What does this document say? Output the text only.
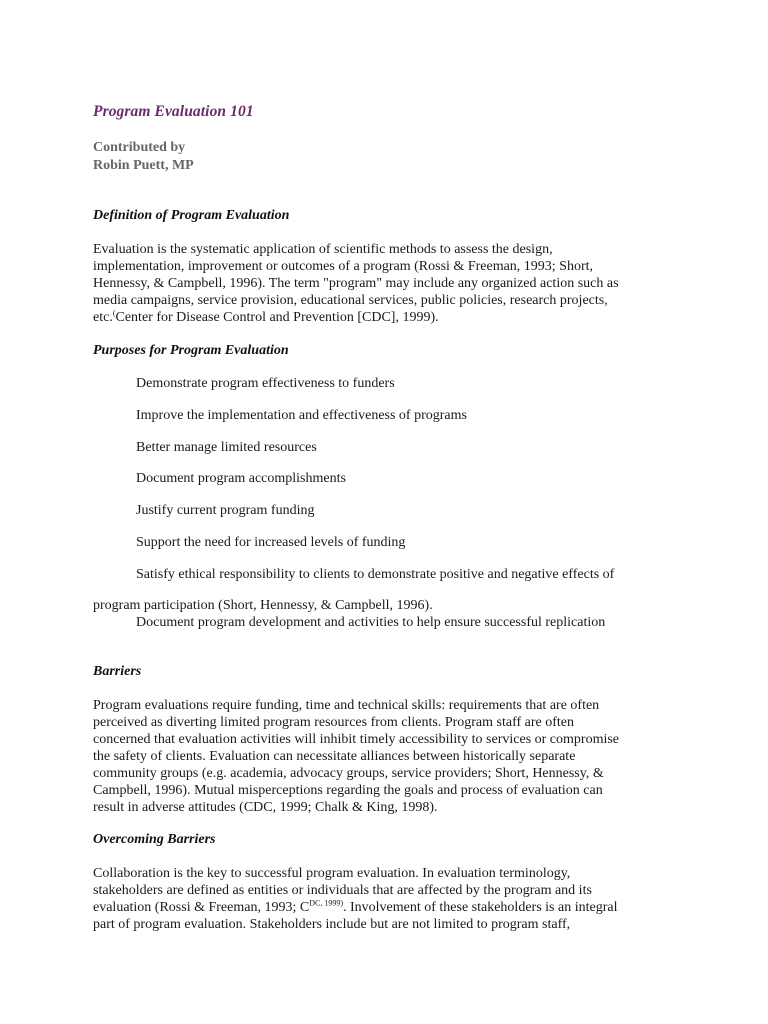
Program Evaluation 101
Contributed by
Robin Puett, MP
Definition of Program Evaluation
Evaluation is the systematic application of scientific methods to assess the design,
implementation, improvement or outcomes of a program (Rossi & Freeman, 1993; Short,
Hennessy, & Campbell, 1996). The term "program" may include any organized action such as
media campaigns, service provision, educational services, public policies, research projects,
etc.(Center for Disease Control and Prevention [CDC], 1999).
Purposes for Program Evaluation
Demonstrate program effectiveness to funders
Improve the implementation and effectiveness of programs
Better manage limited resources
Document program accomplishments
Justify current program funding
Support the need for increased levels of funding
Satisfy ethical responsibility to clients to demonstrate positive and negative effects of
program participation (Short, Hennessy, & Campbell, 1996).
Document program development and activities to help ensure successful replication
Barriers
Program evaluations require funding, time and technical skills: requirements that are often
perceived as diverting limited program resources from clients. Program staff are often
concerned that evaluation activities will inhibit timely accessibility to services or compromise
the safety of clients. Evaluation can necessitate alliances between historically separate
community groups (e.g. academia, advocacy groups, service providers; Short, Hennessy, &
Campbell, 1996). Mutual misperceptions regarding the goals and process of evaluation can
result in adverse attitudes (CDC, 1999; Chalk & King, 1998).
Overcoming Barriers
Collaboration is the key to successful program evaluation. In evaluation terminology,
stakeholders are defined as entities or individuals that are affected by the program and its
evaluation (Rossi & Freeman, 1993; $C^{DC, 1999)}$. Involvement of these stakeholders is an integral
part of program evaluation. Stakeholders include but are not limited to program staff,
